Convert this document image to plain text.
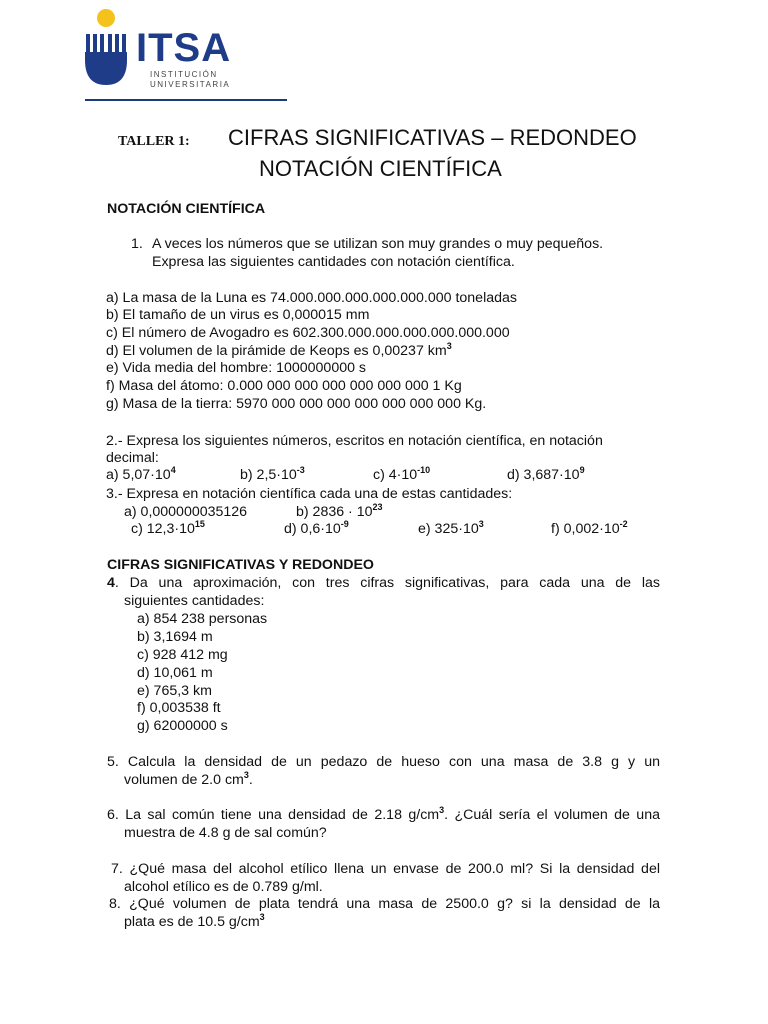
ITSA
INSTITUCIÓN
UNIVERSITARIA
TALLER 1: CIFRAS SIGNIFICATIVAS – REDONDEO
NOTACIÓN CIENTÍFICA
NOTACIÓN CIENTÍFICA
1. A veces los números que se utilizan son muy grandes o muy pequeños.
Expresa las siguientes cantidades con notación científica.
a) La masa de la Luna es 74.000.000.000.000.000.000 toneladas
b) El tamaño de un virus es 0,000015 mm
c) El número de Avogadro es 602.300.000.000.000.000.000.000
d) El volumen de la pirámide de Keops es 0,00237 $km^3$
e) Vida media del hombre: 1000000000 s
f) Masa del átomo: 0.000 000 000 000 000 000 000 1 Kg
g) Masa de la tierra: 5970 000 000 000 000 000 000 000 Kg.
2.- Expresa los siguientes números, escritos en notación científica, en notación
decimal:
a) $5,07\cdot 10^4$	b) $2,5\cdot 10^{-3}$	c) $4\cdot 10^{-10}$	d) $3,687\cdot 10^9$
3.- Expresa en notación científica cada una de estas cantidades:
a) 0,000000035126	b) $2836 \cdot 10^{23}$
c) $12,3\cdot 10^{15}$	d) $0,6\cdot 10^{-9}$	e) $325\cdot 10^3$	f) $0,002\cdot 10^{-2}$
CIFRAS SIGNIFICATIVAS Y REDONDEO
4. Da una aproximación, con tres cifras significativas, para cada una de las
siguientes cantidades:
a) 854 238 personas
b) 3,1694 m
c) 928 412 mg
d) 10,061 m
e) 765,3 km
f) 0,003538 ft
g) 62000000 s
5. Calcula la densidad de un pedazo de hueso con una masa de 3.8 g y un
volumen de 2.0 $cm^3$.
6. La sal común tiene una densidad de 2.18 $g/cm^3$. ¿Cuál sería el volumen de una
muestra de 4.8 g de sal común?
7. ¿Qué masa del alcohol etílico llena un envase de 200.0 ml? Si la densidad del
alcohol etílico es de 0.789 g/ml.
8. ¿Qué volumen de plata tendrá una masa de 2500.0 g? si la densidad de la
plata es de 10.5 $g/cm^3$
